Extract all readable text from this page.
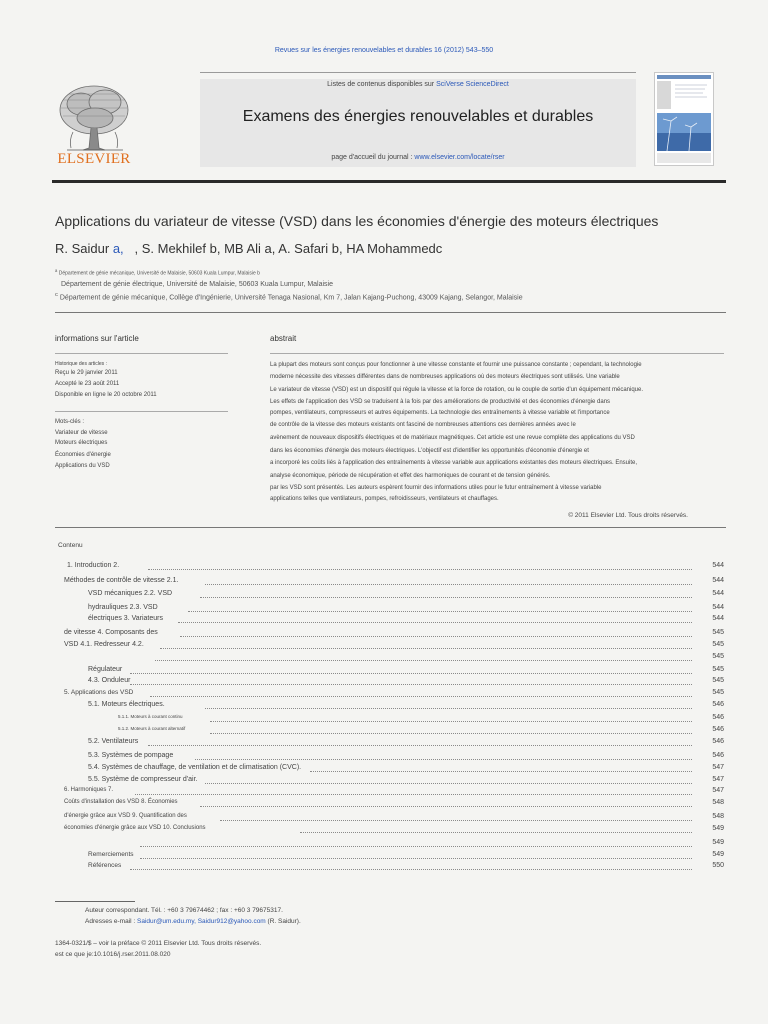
Revues sur les énergies renouvelables et durables 16 (2012) 543–550
Listes de contenus disponibles sur SciVerse ScienceDirect
Examens des énergies renouvelables et durables
page d'accueil du journal : www.elsevier.com/locate/rser
ELSEVIER
Applications du variateur de vitesse (VSD) dans les économies d'énergie des moteurs électriques
R. Saidur a, , S. Mekhilef b, MB Ali a, A. Safari b, HA Mohammedc
$^a$ Département de génie mécanique, Université de Malaisie, 50603 Kuala Lumpur, Malaisie b
Département de génie électrique, Université de Malaisie, 50603 Kuala Lumpur, Malaisie
$^c$ Département de génie mécanique, Collège d'Ingénierie, Université Tenaga Nasional, Km 7, Jalan Kajang-Puchong, 43009 Kajang, Selangor, Malaisie
informations sur l'article
Historique des articles :
Reçu le 29 janvier 2011
Accepté le 23 août 2011
Disponible en ligne le 20 octobre 2011
Mots-clés :
Variateur de vitesse
Moteurs électriques
Économies d'énergie
Applications du VSD
abstrait
La plupart des moteurs sont conçus pour fonctionner à une vitesse constante et fournir une puissance constante ; cependant, la technologie
moderne nécessite des vitesses différentes dans de nombreuses applications où des moteurs électriques sont utilisés. Une variable
Le variateur de vitesse (VSD) est un dispositif qui régule la vitesse et la force de rotation, ou le couple de sortie d'un équipement mécanique.
Les effets de l'application des VSD se traduisent à la fois par des améliorations de productivité et des économies d'énergie dans
pompes, ventilateurs, compresseurs et autres équipements. La technologie des entraînements à vitesse variable et l'importance
de contrôle de la vitesse des moteurs existants ont fasciné de nombreuses attentions ces dernières années avec le
avènement de nouveaux dispositifs électriques et de matériaux magnétiques. Cet article est une revue complète des applications du VSD
dans les économies d'énergie des moteurs électriques. L'objectif est d'identifier les opportunités d'économie d'énergie et
a incorporé les coûts liés à l'application des entraînements à vitesse variable aux applications existantes des moteurs électriques. Ensuite,
analyse économique, période de récupération et effet des harmoniques de courant et de tension générés.
par les VSD sont présentés. Les auteurs espèrent fournir des informations utiles pour le futur entraînement à vitesse variable
applications telles que ventilateurs, pompes, refroidisseurs, ventilateurs et chauffages.
© 2011 Elsevier Ltd. Tous droits réservés.
Contenu
1. Introduction 2.	544
Méthodes de contrôle de vitesse 2.1.	544
VSD mécaniques 2.2. VSD	544
hydrauliques 2.3. VSD	544
électriques 3. Variateurs	544
de vitesse 4. Composants des	545
VSD 4.1. Redresseur 4.2.	545
545
Régulateur	545
4.3. Onduleur	545
5. Applications des VSD	545
5.1. Moteurs électriques.	546
5.1.1. Moteurs à courant continu	546
5.1.2. Moteurs à courant alternatif	546
5.2. Ventilateurs	546
5.3. Systèmes de pompage	546
5.4. Systèmes de chauffage, de ventilation et de climatisation (CVC).	547
5.5. Système de compresseur d'air.	547
6. Harmoniques 7.	547
Coûts d'installation des VSD 8. Économies	548
d'énergie grâce aux VSD 9. Quantification des	548
économies d'énergie grâce aux VSD 10. Conclusions	549
549
Remerciements	549
Références	550
Auteur correspondant. Tél. : +60 3 79674462 ; fax : +60 3 79675317.
Adresses e-mail : Saidur@um.edu.my, Saidur912@yahoo.com (R. Saidur).
1364-0321/$ – voir la préface © 2011 Elsevier Ltd. Tous droits réservés.
est ce que je:10.1016/j.rser.2011.08.020
